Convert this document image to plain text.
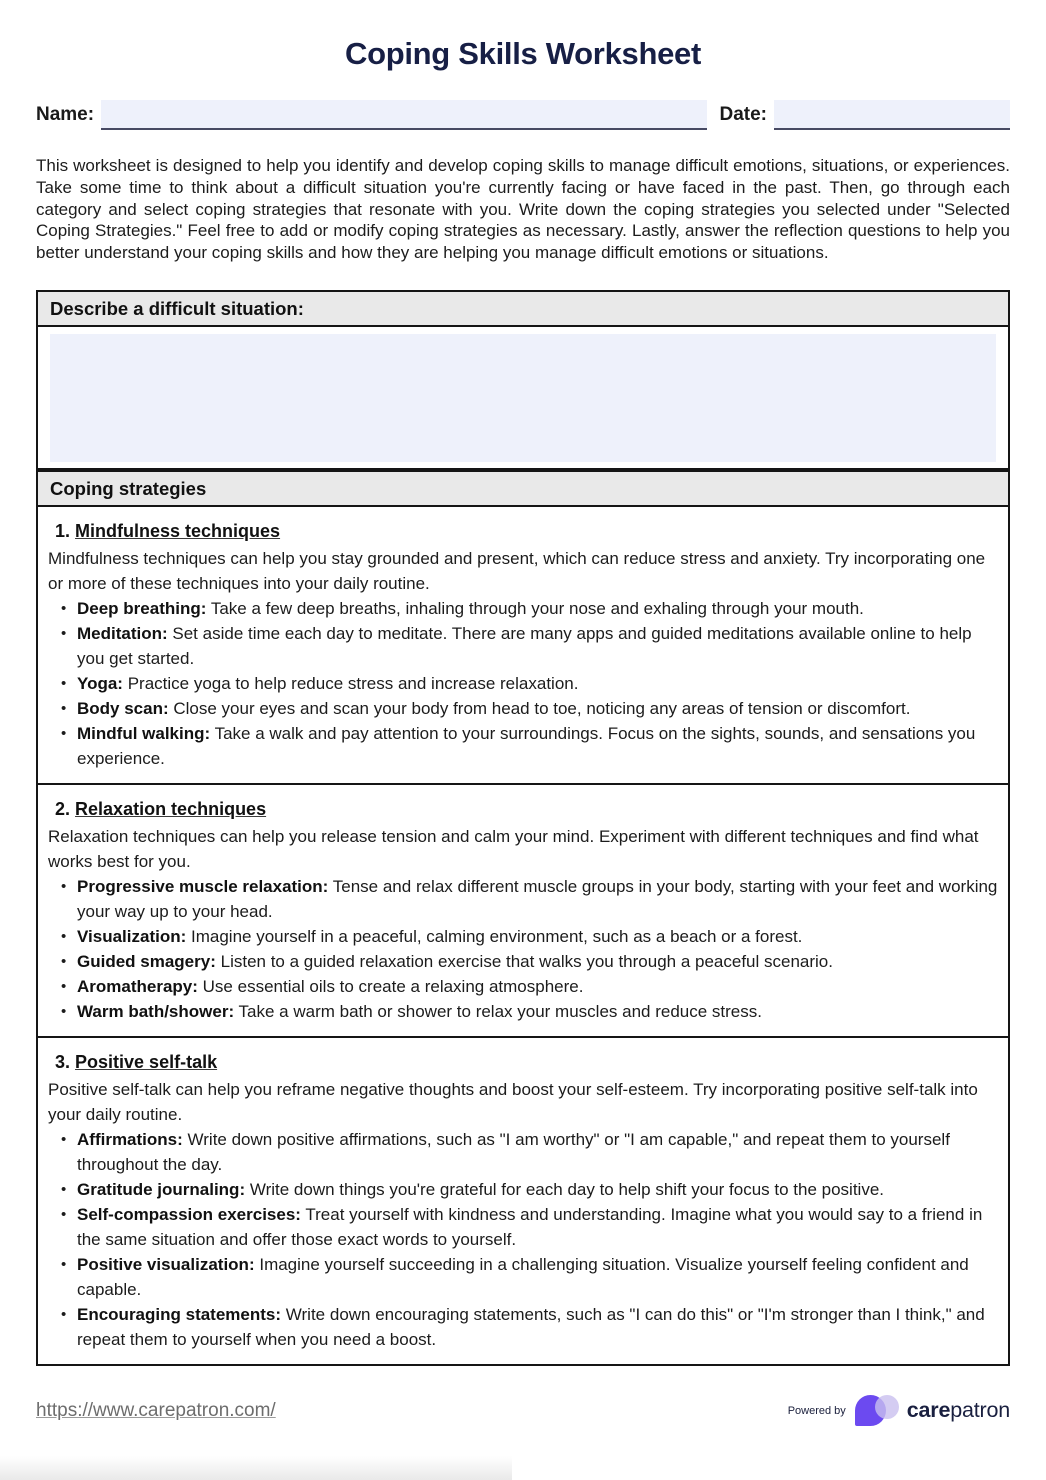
Coping Skills Worksheet
Name:	Date:

This worksheet is designed to help you identify and develop coping skills to manage difficult emotions, situations, or experiences. Take some time to think about a difficult situation you're currently facing or have faced in the past. Then, go through each category and select coping strategies that resonate with you. Write down the coping strategies you selected under "Selected Coping Strategies." Feel free to add or modify coping strategies as necessary. Lastly, answer the reflection questions to help you better understand your coping skills and how they are helping you manage difficult emotions or situations.

Describe a difficult situation:
Coping strategies
1. Mindfulness techniques

Mindfulness techniques can help you stay grounded and present, which can reduce stress and anxiety. Try incorporating one or more of these techniques into your daily routine.

• Deep breathing: Take a few deep breaths, inhaling through your nose and exhaling through your mouth.
• Meditation: Set aside time each day to meditate. There are many apps and guided meditations available online to help you get started.
• Yoga: Practice yoga to help reduce stress and increase relaxation.
• Body scan: Close your eyes and scan your body from head to toe, noticing any areas of tension or discomfort.
• Mindful walking: Take a walk and pay attention to your surroundings. Focus on the sights, sounds, and sensations you experience.
2. Relaxation techniques

Relaxation techniques can help you release tension and calm your mind. Experiment with different techniques and find what works best for you.

• Progressive muscle relaxation: Tense and relax different muscle groups in your body, starting with your feet and working your way up to your head.
• Visualization: Imagine yourself in a peaceful, calming environment, such as a beach or a forest.
• Guided smagery: Listen to a guided relaxation exercise that walks you through a peaceful scenario.
• Aromatherapy: Use essential oils to create a relaxing atmosphere.
• Warm bath/shower: Take a warm bath or shower to relax your muscles and reduce stress.
3. Positive self-talk

Positive self-talk can help you reframe negative thoughts and boost your self-esteem. Try incorporating positive self-talk into your daily routine.

• Affirmations: Write down positive affirmations, such as "I am worthy" or "I am capable," and repeat them to yourself throughout the day.
• Gratitude journaling: Write down things you're grateful for each day to help shift your focus to the positive.
• Self-compassion exercises: Treat yourself with kindness and understanding. Imagine what you would say to a friend in the same situation and offer those exact words to yourself.
• Positive visualization: Imagine yourself succeeding in a challenging situation. Visualize yourself feeling confident and capable.
• Encouraging statements: Write down encouraging statements, such as "I can do this" or "I'm stronger than I think," and repeat them to yourself when you need a boost.
https://www.carepatron.com/	Powered by	carepatron
